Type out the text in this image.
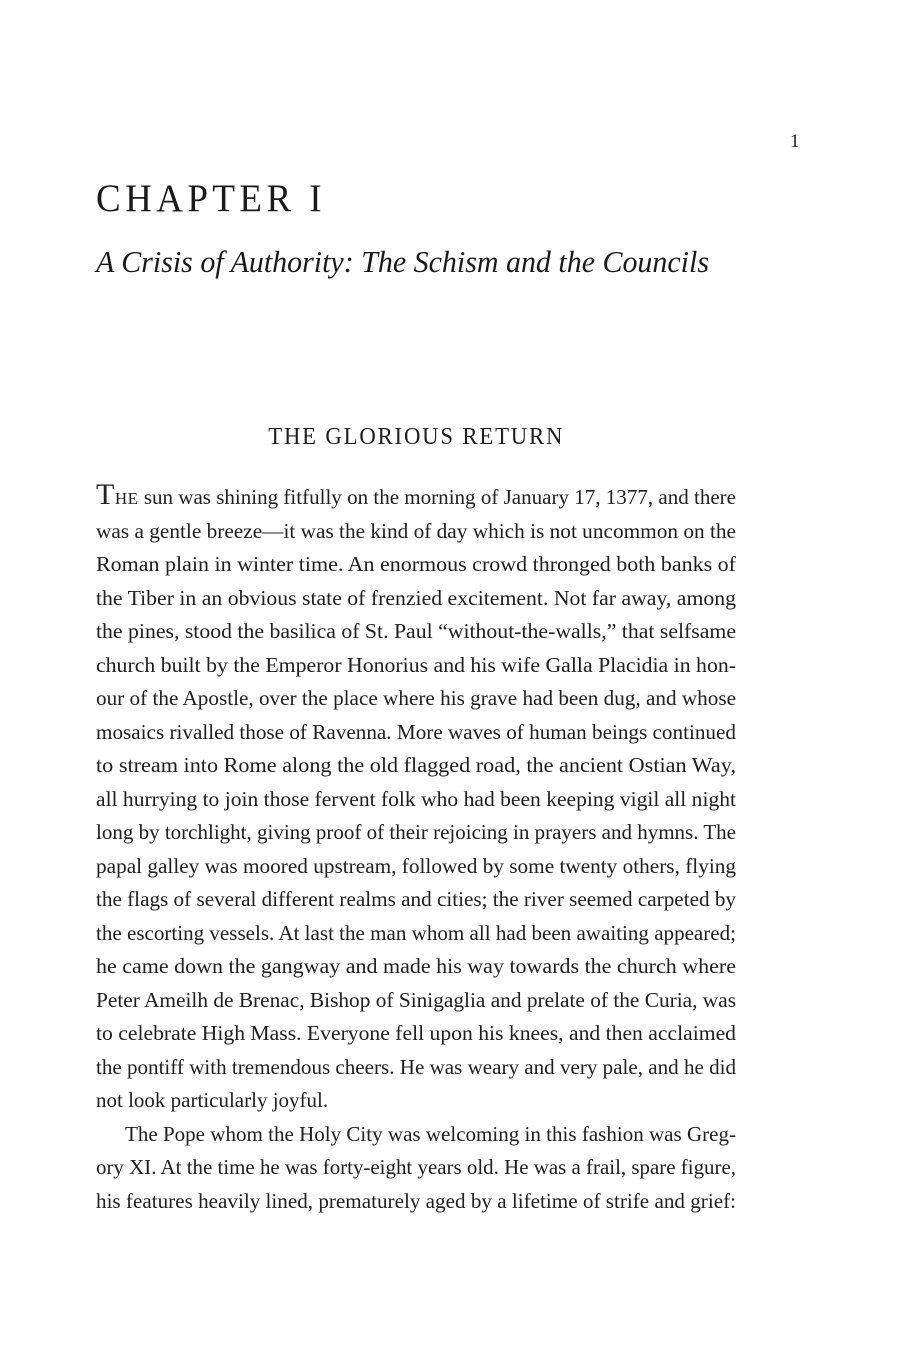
1
CHAPTER I
A Crisis of Authority: The Schism and the Councils
THE GLORIOUS RETURN
THE sun was shining fitfully on the morning of January 17, 1377, and there
was a gentle breeze—it was the kind of day which is not uncommon on the
Roman plain in winter time. An enormous crowd thronged both banks of
the Tiber in an obvious state of frenzied excitement. Not far away, among
the pines, stood the basilica of St. Paul “without-the-walls,” that selfsame
church built by the Emperor Honorius and his wife Galla Placidia in hon-
our of the Apostle, over the place where his grave had been dug, and whose
mosaics rivalled those of Ravenna. More waves of human beings continued
to stream into Rome along the old flagged road, the ancient Ostian Way,
all hurrying to join those fervent folk who had been keeping vigil all night
long by torchlight, giving proof of their rejoicing in prayers and hymns. The
papal galley was moored upstream, followed by some twenty others, flying
the flags of several different realms and cities; the river seemed carpeted by
the escorting vessels. At last the man whom all had been awaiting appeared;
he came down the gangway and made his way towards the church where
Peter Ameilh de Brenac, Bishop of Sinigaglia and prelate of the Curia, was
to celebrate High Mass. Everyone fell upon his knees, and then acclaimed
the pontiff with tremendous cheers. He was weary and very pale, and he did
not look particularly joyful.
The Pope whom the Holy City was welcoming in this fashion was Greg-
ory XI. At the time he was forty-eight years old. He was a frail, spare figure,
his features heavily lined, prematurely aged by a lifetime of strife and grief:
